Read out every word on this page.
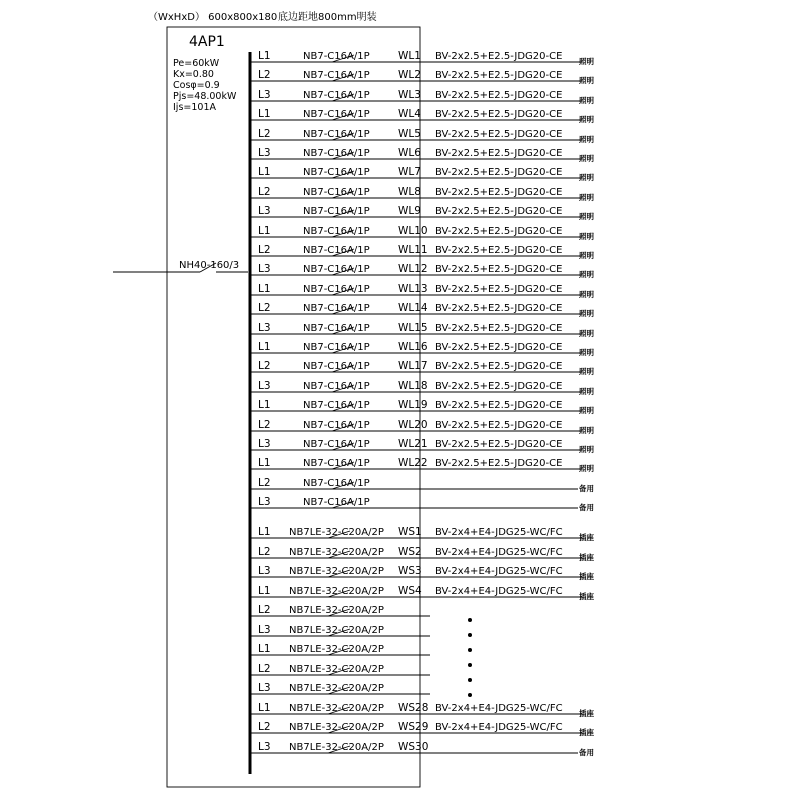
（WxHxD） 600x800x180 底边距地800mm明装
4AP1
Pe=60kW
Kx=0.80
Cosφ=0.9
Pjs=48.00kW
Ijs=101A
NH40-160/3
L1	NB7-C16A/1P	WL1 BV-2x2.5+E2.5-JDG20-CE 照明
L2	NB7-C16A/1P	WL2 BV-2x2.5+E2.5-JDG20-CE 照明
L3	NB7-C16A/1P	WL3 BV-2x2.5+E2.5-JDG20-CE 照明
L1	NB7-C16A/1P	WL4 BV-2x2.5+E2.5-JDG20-CE 照明
L2	NB7-C16A/1P	WL5 BV-2x2.5+E2.5-JDG20-CE 照明
L3	NB7-C16A/1P	WL6 BV-2x2.5+E2.5-JDG20-CE 照明
L1	NB7-C16A/1P	WL7 BV-2x2.5+E2.5-JDG20-CE 照明
L2	NB7-C16A/1P	WL8 BV-2x2.5+E2.5-JDG20-CE 照明
L3	NB7-C16A/1P	WL9 BV-2x2.5+E2.5-JDG20-CE 照明
L1	NB7-C16A/1P	WL10 BV-2x2.5+E2.5-JDG20-CE 照明
L2	NB7-C16A/1P	WL11 BV-2x2.5+E2.5-JDG20-CE 照明
L3	NB7-C16A/1P	WL12 BV-2x2.5+E2.5-JDG20-CE 照明
L1	NB7-C16A/1P	WL13 BV-2x2.5+E2.5-JDG20-CE 照明
L2	NB7-C16A/1P	WL14 BV-2x2.5+E2.5-JDG20-CE 照明
L3	NB7-C16A/1P	WL15 BV-2x2.5+E2.5-JDG20-CE 照明
L1	NB7-C16A/1P	WL16 BV-2x2.5+E2.5-JDG20-CE 照明
L2	NB7-C16A/1P	WL17 BV-2x2.5+E2.5-JDG20-CE 照明
L3	NB7-C16A/1P	WL18 BV-2x2.5+E2.5-JDG20-CE 照明
L1	NB7-C16A/1P	WL19 BV-2x2.5+E2.5-JDG20-CE 照明
L2	NB7-C16A/1P	WL20 BV-2x2.5+E2.5-JDG20-CE 照明
L3	NB7-C16A/1P	WL21 BV-2x2.5+E2.5-JDG20-CE 照明
L1	NB7-C16A/1P	WL22 BV-2x2.5+E2.5-JDG20-CE 照明
L2	NB7-C16A/1P	备用
L3	NB7-C16A/1P	备用
L1 NB7LE-32-C20A/2P WS1 BV-2x4+E4-JDG25-WC/FC 插座
L2 NB7LE-32-C20A/2P WS2 BV-2x4+E4-JDG25-WC/FC 插座
L3 NB7LE-32-C20A/2P WS3 BV-2x4+E4-JDG25-WC/FC 插座
L1 NB7LE-32-C20A/2P WS4 BV-2x4+E4-JDG25-WC/FC 插座
L2 NB7LE-32-C20A/2P
L3 NB7LE-32-C20A/2P
L1 NB7LE-32-C20A/2P
L2 NB7LE-32-C20A/2P
L3 NB7LE-32-C20A/2P
L1 NB7LE-32-C20A/2P WS28 BV-2x4+E4-JDG25-WC/FC 插座
L2 NB7LE-32-C20A/2P WS29 BV-2x4+E4-JDG25-WC/FC 插座
L3 NB7LE-32-C20A/2P WS30	备用
